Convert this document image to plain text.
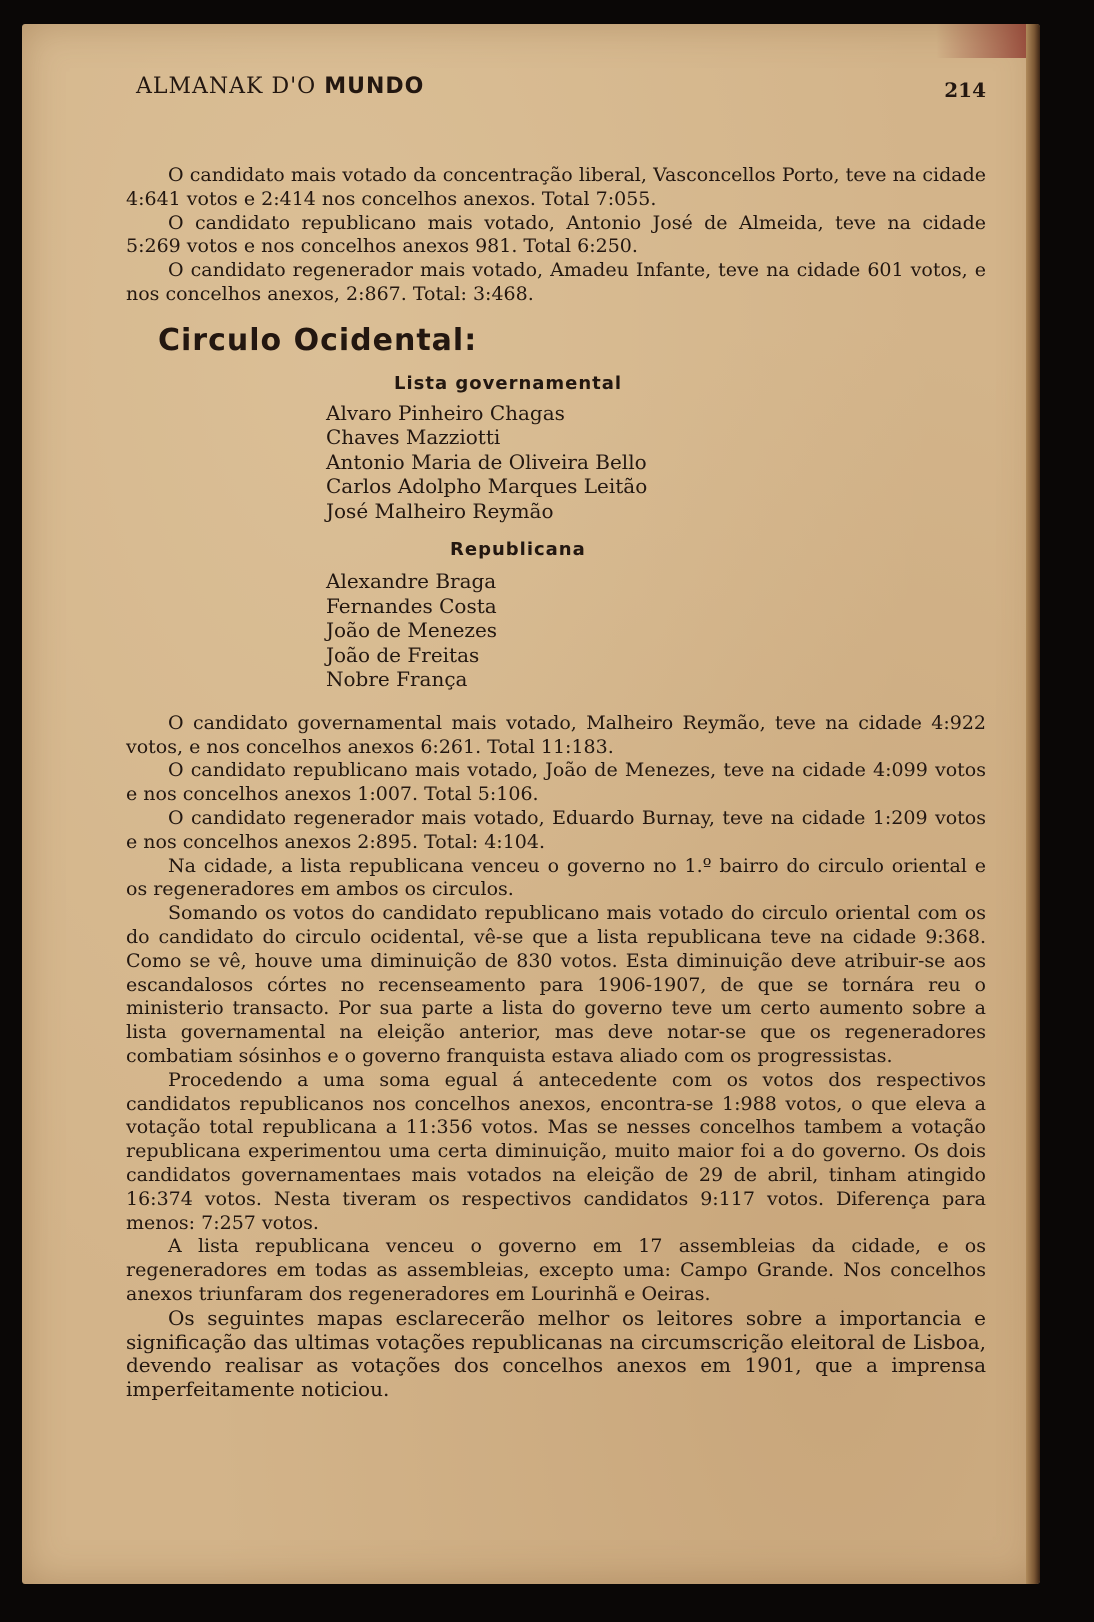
ALMANAK D'O MUNDO	214

O candidato mais votado da concentração liberal, Vasconcellos Porto, teve na cidade 4:641 votos e 2:414 nos concelhos anexos. Total 7:055.

O candidato republicano mais votado, Antonio José de Almeida, teve na cidade 5:269 votos e nos concelhos anexos 981. Total 6:250.

O candidato regenerador mais votado, Amadeu Infante, teve na cidade 601 votos, e nos concelhos anexos, 2:867. Total: 3:468.

Circulo Ocidental:
Lista governamental
Alvaro Pinheiro Chagas
Chaves Mazziotti
Antonio Maria de Oliveira Bello
Carlos Adolpho Marques Leitão
José Malheiro Reymão
Republicana
Alexandre Braga
Fernandes Costa
João de Menezes
João de Freitas
Nobre França

O candidato governamental mais votado, Malheiro Reymão, teve na cidade 4:922 votos, e nos concelhos anexos 6:261. Total 11:183.

O candidato republicano mais votado, João de Menezes, teve na cidade 4:099 votos e nos concelhos anexos 1:007. Total 5:106.

O candidato regenerador mais votado, Eduardo Burnay, teve na cidade 1:209 votos e nos concelhos anexos 2:895. Total: 4:104.

Na cidade, a lista republicana venceu o governo no 1.º bairro do circulo oriental e os regeneradores em ambos os circulos.

Somando os votos do candidato republicano mais votado do circulo oriental com os do candidato do circulo ocidental, vê-se que a lista republicana teve na cidade 9:368. Como se vê, houve uma diminuição de 830 votos. Esta diminuição deve atribuir-se aos escandalosos córtes no recenseamento para 1906-1907, de que se tornára reu o ministerio transacto. Por sua parte a lista do governo teve um certo aumento sobre a lista governamental na eleição anterior, mas deve notar-se que os regeneradores combatiam sósinhos e o governo franquista estava aliado com os progressistas.

Procedendo a uma soma egual á antecedente com os votos dos respectivos candidatos republicanos nos concelhos anexos, encontra-se 1:988 votos, o que eleva a votação total republicana a 11:356 votos. Mas se nesses concelhos tambem a votação republicana experimentou uma certa diminuição, muito maior foi a do governo. Os dois candidatos governamentaes mais votados na eleição de 29 de abril, tinham atingido 16:374 votos. Nesta tiveram os respectivos candidatos 9:117 votos. Diferença para menos: 7:257 votos.

A lista republicana venceu o governo em 17 assembleias da cidade, e os regeneradores em todas as assembleias, excepto uma: Campo Grande. Nos concelhos anexos triunfaram dos regeneradores em Lourinhã e Oeiras.

Os seguintes mapas esclarecerão melhor os leitores sobre a importancia e significação das ultimas votações republicanas na circumscrição eleitoral de Lisboa, devendo realisar as votações dos concelhos anexos em 1901, que a imprensa imperfeitamente noticiou.
